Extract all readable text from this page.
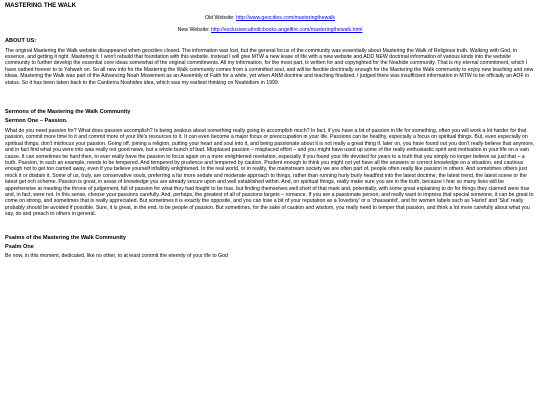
MASTERING THE WALK
Old Website: http://www.geocities.com/masteringthewalk
New Website: http://exclusivecatholicbooks.angelfire.com/masteringthewalk.html
ABOUT US:

The original Mastering the Walk website disappeared when geocities closed. The information was lost, but the general focus of the community was essentially about Mastering the Walk of Religious truth. Walking with God, in essence, and getting it right. Mastering it. I won't rebuild that foundation with this website. Instead I will give MTW a new lease of life with a new website and ADD NEW doctrinal information of various kinds into the website community to further develop the essential core ideas somewhat of the original commitments. All my information, for the most part, is written for and copyrighted for the Noahide community. That is my eternal commitment, which I have oathed forever to to Yahweh on. So all new info for the Mastering the Walk community comes from a committed soul, and will be flexible doctrinally enough for the Mastering the Walk community to enjoy new teaching and new ideas. Mastering the Walk was part of the Advancing Noah Movement as an Assembly of Faith for a while, yet when ANM doctrine and teaching finalized, I judged there was insufficient information in MTW to be officially an AOF in status. So it has been taken back to the Canberra Noahides idea, which was my earliest thinking on Noahidism in 1999.

Sermons of the Mastering the Walk Community
Sermon One – Passion.

What do you need passion for? What does passion accomplish? Is being zealous about something really going to accomplish much? In fact, if you have a bit of passion in life for something, often you will work a lot harder for that passion, commit more time to it and commit more of your life's resources to it. It can even become a major focus or preoccupation in your life. Passions can be healthy, especially a focus on spiritual things. But, even especially on spiritual things, don't misfocus your passion. Going off, joining a religion, putting your heart and soul into it, and being passionate about it is not really a great thing if, later on, you have found out you don't really believe that anymore, and in fact find what you were into was really not good news, but a whole bunch of bad. Misplaced passion – misplaced effort – and you might have used up some of the really enthusiastic spirit and motivation in your life on a vain cause. It can sometimes be hard then, to ever really have the passion to focus again on a more enlightened revelation, especially if you found your life devoted for years to a truth that you simply no longer believe as just that – a truth. Passion, in such an example, needs to be tempered. And tempered by prudence and tempered by caution. Prudent enough to think you might not yet have all the answers or correct knowledge on a situation, and cautious enough not to get too carried away, even if you believe yourself infallibly enlightened. In the real world, or in reality, the mainstream society we are often part of, people often really like passion in others. And sometimes others just mock it or disdain it. Some of us, truly, are conservative souls, preferring a far more sedate and moderate approach to things, rather than running hurly burly headfirst into the latest doctrine, the latest trend, the latest scene or the latest get rich scheme. Passion is great, in areas of knowledge you are already secure upon and well established within. And, on spiritual things, really make sure you are in the truth, because I fear so many lives will be apprehensive at meeting the throne of judgement, full of passion for what they had fought to be true, but finding themselves well short of that mark and, potentially, with some great explaining to do for things they claimed were true and, in fact, were not. In this sense, choose your passions carefully. And, perhaps, the greatest of all of passions targets – romance. If you are a passionate person, and really want to impress that special someone, it can be great to come on strong, and sometimes that is really appreciated. But sometimes it is exactly the opposite, and you can lose a bit of your reputation as a 'loverboy' or a 'chauvanist', and for women labels such as 'Harlot' and 'Slut' really probably should be avoided if possible. Sure, it is great, in the end, to be people of passion. But sometimes, for the sake of caution and wisdom, you really need to temper that passion, and think a lot more carefully about what you say, do and preach to others in general.

Psalms of the Mastering the Walk Community
Psalm One

Be now, in this moment, dedicated, like no other, to at least commit the eternity of your life to God
